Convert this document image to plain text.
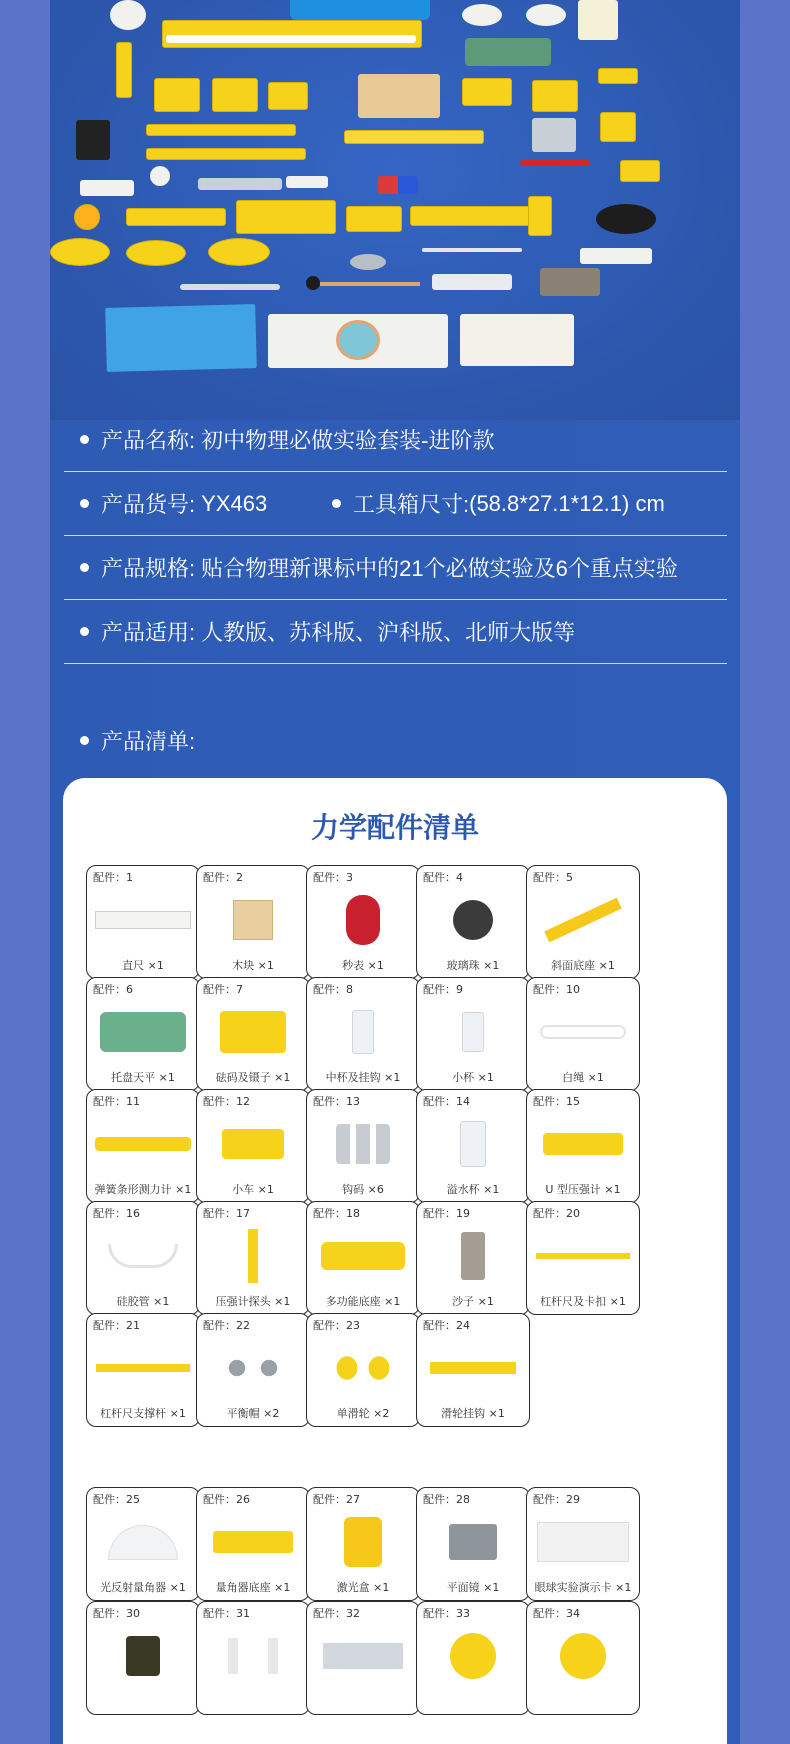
产品名称: 初中物理必做实验套装-进阶款
产品货号: YX463	工具箱尺寸: (58.8*27.1*12.1) cm
产品规格: 贴合物理新课标中的21个必做实验及6个重点实验
产品适用: 人教版、苏科版、沪科版、北师大版等
产品清单:
力学配件清单
配件：1
直尺 ×1
配件：2
木块 ×1
配件：3
秒表 ×1
配件：4
玻璃珠 ×1
配件：5
斜面底座 ×1
配件：6
托盘天平 ×1
配件：7
砝码及镊子 ×1
配件：8
中杯及挂钩 ×1
配件：9
小杯 ×1
配件：10
白绳 ×1
配件：11
弹簧条形测力计 ×1
配件：12
小车 ×1
配件：13
钩码 ×6
配件：14
溢水杯 ×1
配件：15
U 型压强计 ×1
配件：16
硅胶管 ×1
配件：17
压强计探头 ×1
配件：18
多功能底座 ×1
配件：19
沙子 ×1
配件：20
杠杆尺及卡扣 ×1
配件：21
杠杆尺支撑杆 ×1
配件：22
平衡帽 ×2
配件：23
单滑轮 ×2
配件：24
滑轮挂钩 ×1
配件：25
光反射量角器 ×1
配件：26
量角器底座 ×1
配件：27
激光盒 ×1
配件：28
平面镜 ×1
配件：29
眼球实验演示卡 ×1
配件：30	配件：31	配件：32	配件：33	配件：34
